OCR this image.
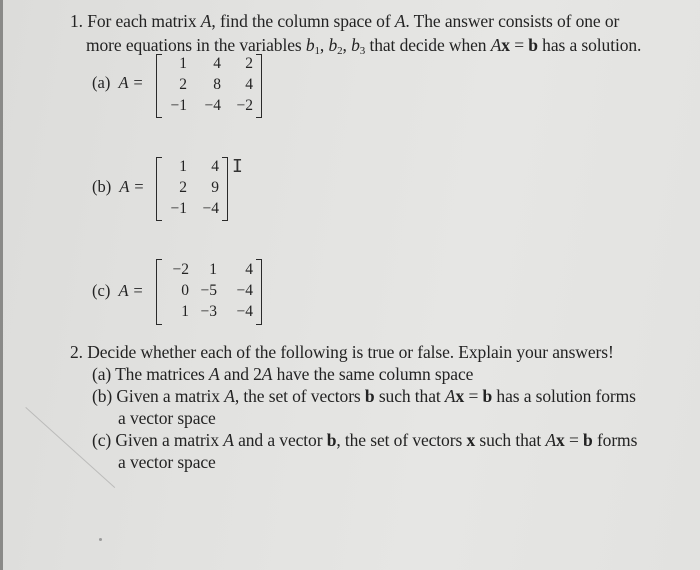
1. For each matrix A, find the column space of A. The answer consists of one or
more equations in the variables $b_1$, $b_2$, $b_3$ that decide when Ax = b has a solution.
(a) A =
1	4	2
2	8	4
−1	−4	−2
(b) A =
1	4
2	9
−1	−4
I
(c) A =
−2	1	4
0 −5	−4
1 −3	−4
2. Decide whether each of the following is true or false. Explain your answers!
(a) The matrices A and 2A have the same column space
(b) Given a matrix A, the set of vectors b such that Ax = b has a solution forms
a vector space
(c) Given a matrix A and a vector b, the set of vectors x such that Ax = b forms
a vector space
